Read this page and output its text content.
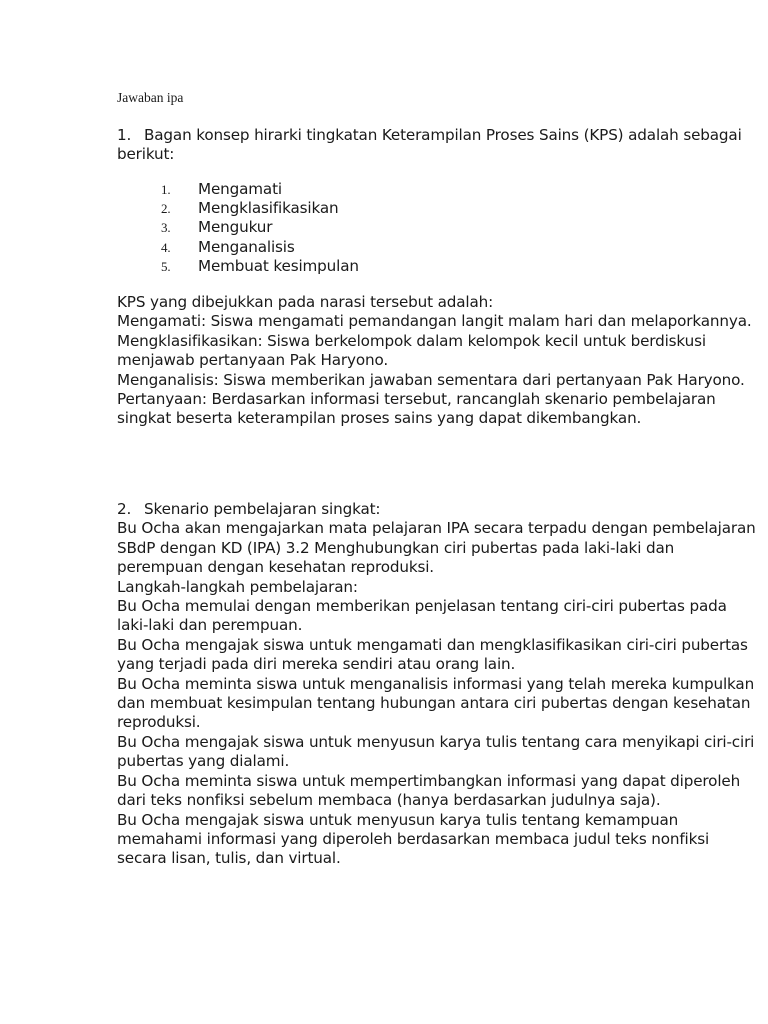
Jawaban ipa
1. Bagan konsep hirarki tingkatan Keterampilan Proses Sains (KPS) adalah sebagai berikut:
1.	Mengamati
2.	Mengklasifikasikan
3.	Mengukur
4.	Menganalisis
5.	Membuat kesimpulan

KPS yang dibejukkan pada narasi tersebut adalah:

Mengamati: Siswa mengamati pemandangan langit malam hari dan melaporkannya.

Mengklasifikasikan: Siswa berkelompok dalam kelompok kecil untuk berdiskusi menjawab pertanyaan Pak Haryono.

Menganalisis: Siswa memberikan jawaban sementara dari pertanyaan Pak Haryono.

Pertanyaan: Berdasarkan informasi tersebut, rancanglah skenario pembelajaran singkat beserta keterampilan proses sains yang dapat dikembangkan.

2. Skenario pembelajaran singkat:

Bu Ocha akan mengajarkan mata pelajaran IPA secara terpadu dengan pembelajaran SBdP dengan KD (IPA) 3.2 Menghubungkan ciri pubertas pada laki-laki dan perempuan dengan kesehatan reproduksi.

Langkah-langkah pembelajaran:

Bu Ocha memulai dengan memberikan penjelasan tentang ciri-ciri pubertas pada laki-laki dan perempuan.

Bu Ocha mengajak siswa untuk mengamati dan mengklasifikasikan ciri-ciri pubertas yang terjadi pada diri mereka sendiri atau orang lain.

Bu Ocha meminta siswa untuk menganalisis informasi yang telah mereka kumpulkan dan membuat kesimpulan tentang hubungan antara ciri pubertas dengan kesehatan reproduksi.

Bu Ocha mengajak siswa untuk menyusun karya tulis tentang cara menyikapi ciri-ciri pubertas yang dialami.

Bu Ocha meminta siswa untuk mempertimbangkan informasi yang dapat diperoleh dari teks nonfiksi sebelum membaca (hanya berdasarkan judulnya saja).

Bu Ocha mengajak siswa untuk menyusun karya tulis tentang kemampuan memahami informasi yang diperoleh berdasarkan membaca judul teks nonfiksi secara lisan, tulis, dan virtual.
